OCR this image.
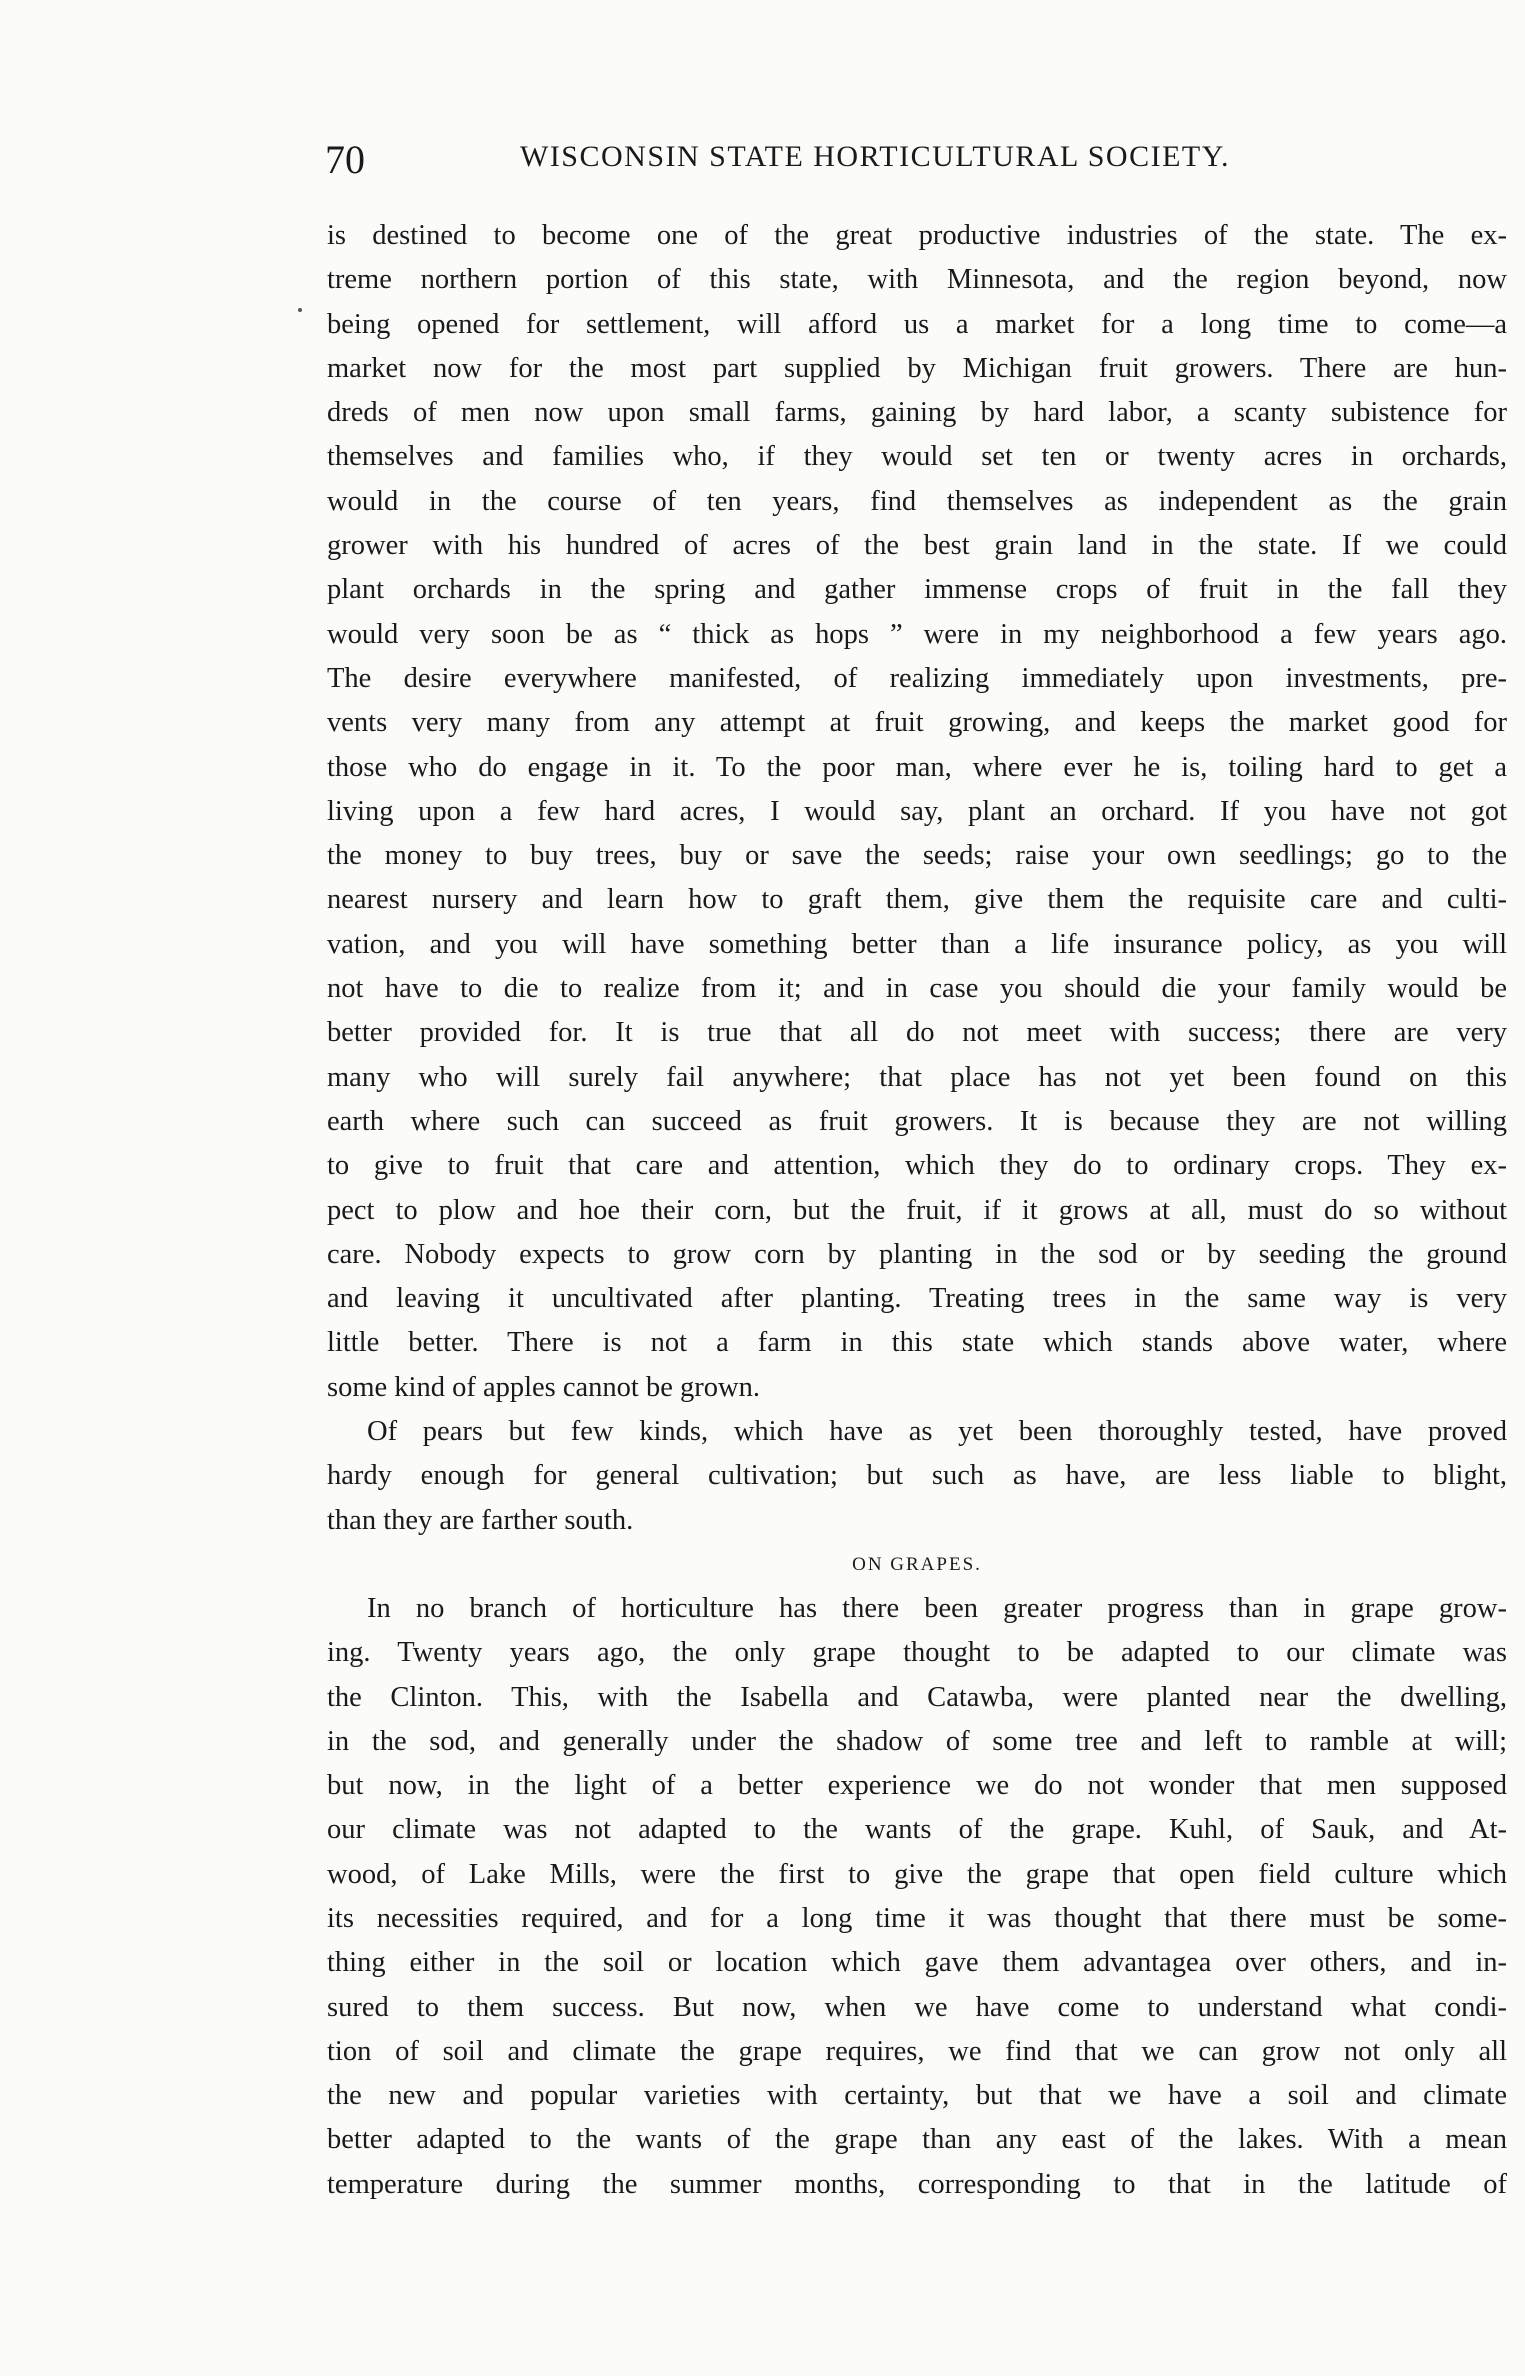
70	WISCONSIN STATE HORTICULTURAL SOCIETY.
is destined to become one of the great productive industries of the state. The ex-
treme northern portion of this state, with Minnesota, and the region beyond, now
being opened for settlement, will afford us a market for a long time to come—a
market now for the most part supplied by Michigan fruit growers. There are hun-
dreds of men now upon small farms, gaining by hard labor, a scanty subistence for
themselves and families who, if they would set ten or twenty acres in orchards,
would in the course of ten years, find themselves as independent as the grain
grower with his hundred of acres of the best grain land in the state. If we could
plant orchards in the spring and gather immense crops of fruit in the fall they
would very soon be as “ thick as hops ” were in my neighborhood a few years ago.
The desire everywhere manifested, of realizing immediately upon investments, pre-
vents very many from any attempt at fruit growing, and keeps the market good for
those who do engage in it. To the poor man, where ever he is, toiling hard to get a
living upon a few hard acres, I would say, plant an orchard. If you have not got
the money to buy trees, buy or save the seeds; raise your own seedlings; go to the
nearest nursery and learn how to graft them, give them the requisite care and culti-
vation, and you will have something better than a life insurance policy, as you will
not have to die to realize from it; and in case you should die your family would be
better provided for. It is true that all do not meet with success; there are very
many who will surely fail anywhere; that place has not yet been found on this
earth where such can succeed as fruit growers. It is because they are not willing
to give to fruit that care and attention, which they do to ordinary crops. They ex-
pect to plow and hoe their corn, but the fruit, if it grows at all, must do so without
care. Nobody expects to grow corn by planting in the sod or by seeding the ground
and leaving it uncultivated after planting. Treating trees in the same way is very
little better. There is not a farm in this state which stands above water, where
some kind of apples cannot be grown.
Of pears but few kinds, which have as yet been thoroughly tested, have proved
hardy enough for general cultivation; but such as have, are less liable to blight,
than they are farther south.
ON GRAPES.
In no branch of horticulture has there been greater progress than in grape grow-
ing. Twenty years ago, the only grape thought to be adapted to our climate was
the Clinton. This, with the Isabella and Catawba, were planted near the dwelling,
in the sod, and generally under the shadow of some tree and left to ramble at will;
but now, in the light of a better experience we do not wonder that men supposed
our climate was not adapted to the wants of the grape. Kuhl, of Sauk, and At-
wood, of Lake Mills, were the first to give the grape that open field culture which
its necessities required, and for a long time it was thought that there must be some-
thing either in the soil or location which gave them advantagea over others, and in-
sured to them success. But now, when we have come to understand what condi-
tion of soil and climate the grape requires, we find that we can grow not only all
the new and popular varieties with certainty, but that we have a soil and climate
better adapted to the wants of the grape than any east of the lakes. With a mean
temperature during the summer months, corresponding to that in the latitude of
